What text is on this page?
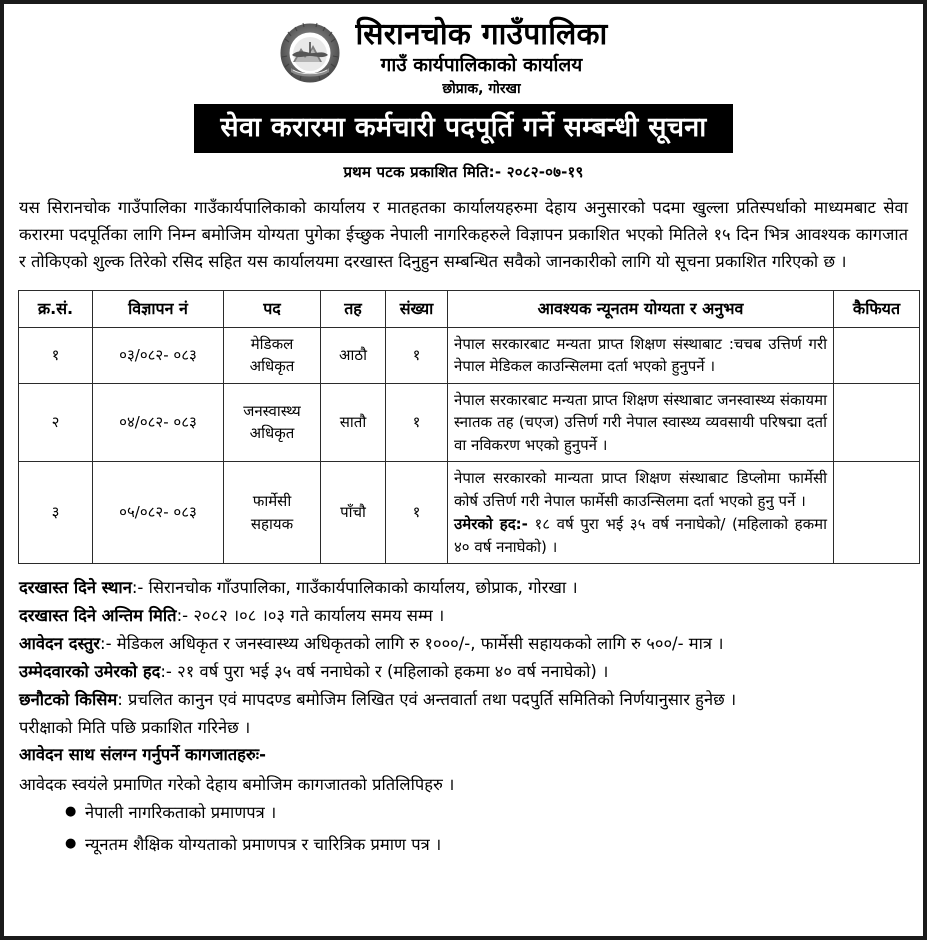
सिरानचोक गाउँपालिका
गाउँ कार्यपालिकाको कार्यालय
छोप्राक, गोरखा
सेवा करारमा कर्मचारी पदपूर्ति गर्ने सम्बन्धी सूचना
प्रथम पटक प्रकाशित मिति:- २०८२-०७-१९

यस सिरानचोक गाउँपालिका गाउँकार्यपालिकाको कार्यालय र मातहतका कार्यालयहरुमा देहाय अनुसारको पदमा खुल्ला प्रतिस्पर्धाको माध्यमबाट सेवा करारमा पदपूर्तिका लागि निम्न बमोजिम योग्यता पुगेका ईच्छुक नेपाली नागरिकहरुले विज्ञापन प्रकाशित भएको मितिले १५ दिन भित्र आवश्यक कागजात र तोकिएको शुल्क तिरेको रसिद सहित यस कार्यालयमा दरखास्त दिनुहुन सम्बन्धित सवैको जानकारीको लागि यो सूचना प्रकाशित गरिएको छ ।

क्र.सं.	विज्ञापन नं	पद	तह	संख्या	आवश्यक न्यूनतम योग्यता र अनुभव	कैफियत
१	०३/०८२- ०८३	मेडिकल अधिकृत	आठौ	१	नेपाल सरकारबाट मन्यता प्राप्त शिक्षण संस्थाबाट :चचब उत्तिर्ण गरी नेपाल मेडिकल काउन्सिलमा दर्ता भएको हुनुपर्ने ।	

२	०४/०८२- ०८३	जनस्वास्थ्य अधिकृत	सातौ	१	नेपाल सरकारबाट मन्यता प्राप्त शिक्षण संस्थाबाट जनस्वास्थ्य संकायमा स्नातक तह (चएज) उत्तिर्ण गरी नेपाल स्वास्थ्य व्यवसायी परिषद्मा दर्ता वा नविकरण भएको हुनुपर्ने ।	

३	०५/०८२- ०८३	फार्मेसी सहायक	पाँचौ	१	नेपाल सरकारको मान्यता प्राप्त शिक्षण संस्थाबाट डिप्लोमा फार्मेसी कोर्ष उत्तिर्ण गरी नेपाल फार्मेसी काउन्सिलमा दर्ता भएको हुनु पर्ने ।
उमेरको हद:- १८ वर्ष पुरा भई ३५ वर्ष ननाघेको/ (महिलाको हकमा ४० वर्ष ननाघेको) ।	

दरखास्त दिने स्थान:- सिरानचोक गाँउपालिका, गाउँकार्यपालिकाको कार्यालय, छोप्राक, गोरखा ।
दरखास्त दिने अन्तिम मिति:- २०८२ ।०८ ।०३ गते कार्यालय समय सम्म ।
आवेदन दस्तुर:- मेडिकल अधिकृत र जनस्वास्थ्य अधिकृतको लागि रु १०००/-, फार्मेसी सहायकको लागि रु ५००/- मात्र ।
उम्मेदवारको उमेरको हद:- २१ वर्ष पुरा भई ३५ वर्ष ननाघेको र (महिलाको हकमा ४० वर्ष ननाघेको) ।
छनौटको किसिम: प्रचलित कानुन एवं मापदण्ड बमोजिम लिखित एवं अन्तवार्ता तथा पदपुर्ति समितिको निर्णयानुसार हुनेछ ।
परीक्षाको मिति पछि प्रकाशित गरिनेछ ।
आवेदन साथ संलग्न गर्नुपर्ने कागजातहरुः-
आवेदक स्वयंले प्रमाणित गरेको देहाय बमोजिम कागजातको प्रतिलिपिहरु ।
● नेपाली नागरिकताको प्रमाणपत्र ।
● न्यूनतम शैक्षिक योग्यताको प्रमाणपत्र र चारित्रिक प्रमाण पत्र ।
